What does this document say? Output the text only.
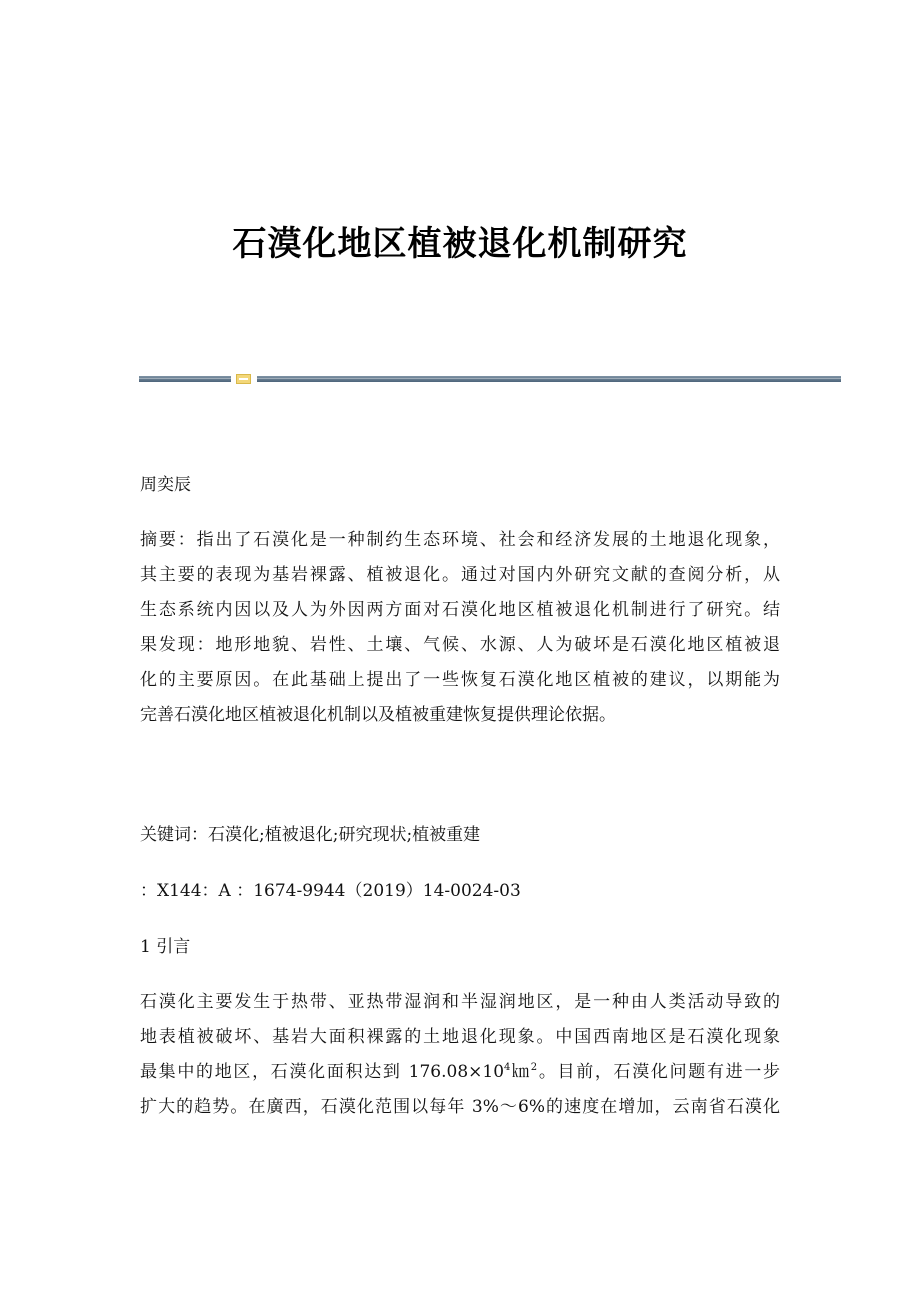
石漠化地区植被退化机制研究

周奕辰

摘要：指出了石漠化是一种制约生态环境、社会和经济发展的土地退化现象，
其主要的表现为基岩裸露、植被退化。通过对国内外研究文献的查阅分析，从
生态系统内因以及人为外因两方面对石漠化地区植被退化机制进行了研究。结
果发现：地形地貌、岩性、土壤、气候、水源、人为破坏是石漠化地区植被退
化的主要原因。在此基础上提出了一些恢复石漠化地区植被的建议，以期能为
完善石漠化地区植被退化机制以及植被重建恢复提供理论依据。

关键词：石漠化;植被退化;研究现状;植被重建

：X144：A ：1674-9944（2019）14-0024-03

1 引言

石漠化主要发生于热带、亚热带湿润和半湿润地区，是一种由人类活动导致的
地表植被破坏、基岩大面积裸露的土地退化现象。中国西南地区是石漠化现象
最集中的地区，石漠化面积达到 $176.08\times 10^4㎞^2$。目前，石漠化问题有进一步
扩大的趋势。在廣西，石漠化范围以每年 3%～6%的速度在增加，云南省石漠化
